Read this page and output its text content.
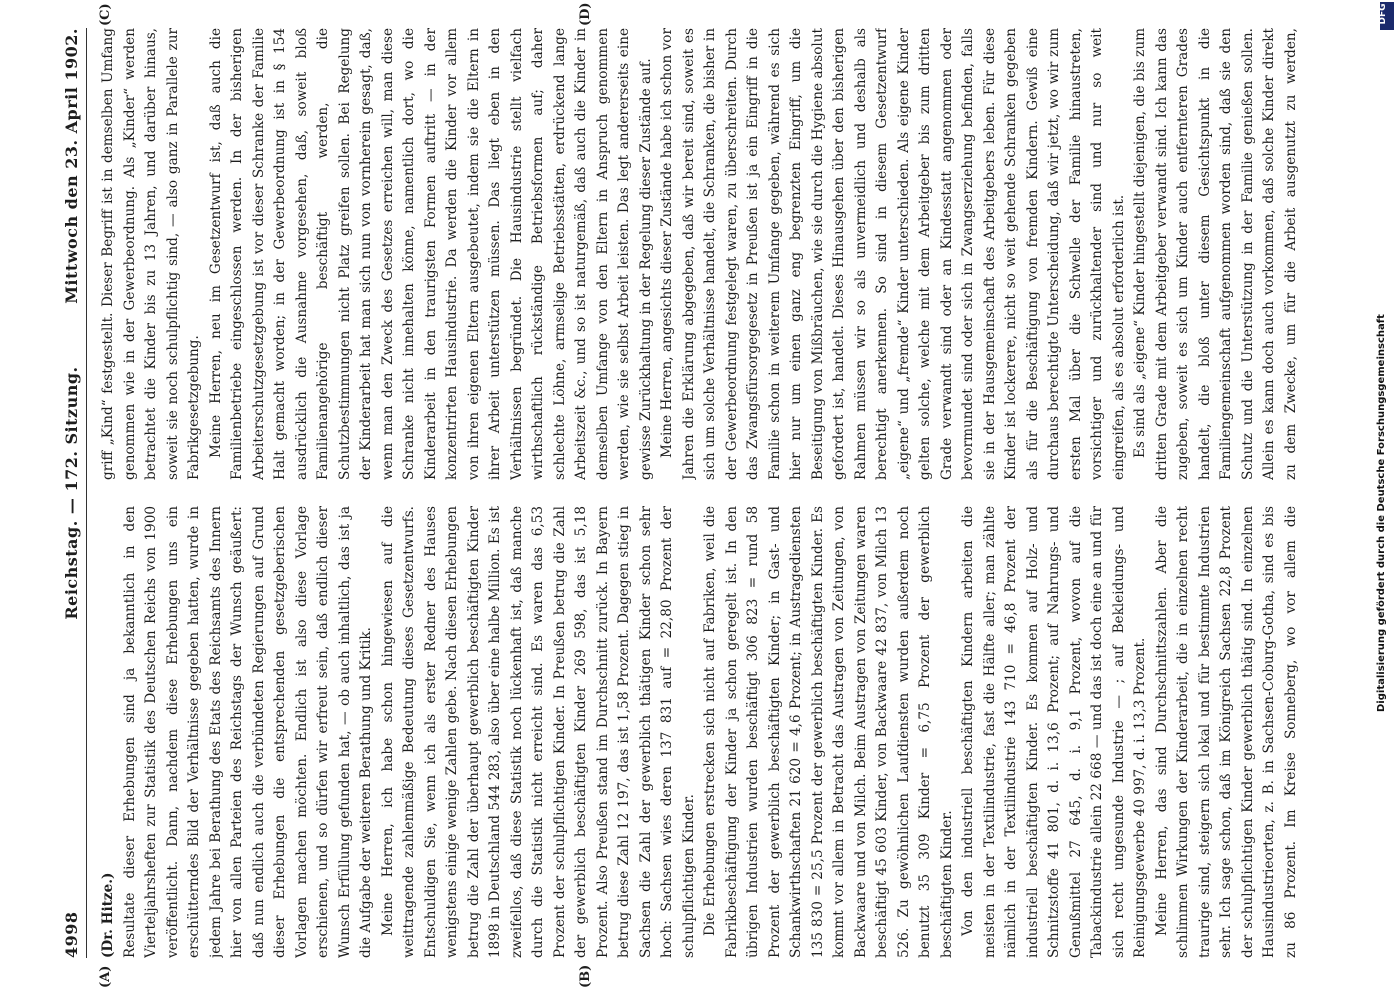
4998
Reichstag. — 172. Sitzung.
Mittwoch den 23. April 1902.
(A)	(B)
(C)	(D)

(Dr. Hitze.) Resultate dieser Erhebungen sind ja bekanntlich in den Vierteljahrsheften zur Statistik des Deutschen Reichs von 1900 veröffentlicht. Dann, nachdem diese Erhebungen uns ein erschütterndes Bild der Verhältnisse gegeben hatten, wurde in jedem Jahre bei Berathung des Etats des Reichsamts des Innern hier von allen Parteien des Reichstags der Wunsch geäußert: daß nun endlich auch die verbündeten Regierungen auf Grund dieser Erhebungen die entsprechenden gesetzgeberischen Vorlagen machen möchten. Endlich ist also diese Vorlage erschienen, und so dürfen wir erfreut sein, daß endlich dieser Wunsch Erfüllung gefunden hat, — ob auch inhaltlich, das ist ja die Aufgabe der weiteren Berathung und Kritik. Meine Herren, ich habe schon hingewiesen auf die weittragende zahlenmäßige Bedeutung dieses Gesetzentwurfs. Entschuldigen Sie, wenn ich als erster Redner des Hauses wenigstens einige wenige Zahlen gebe. Nach diesen Erhebungen betrug die Zahl der überhaupt gewerblich beschäftigten Kinder 1898 in Deutschland 544 283, also über eine halbe Million. Es ist zweifellos, daß diese Statistik noch lückenhaft ist, daß manche durch die Statistik nicht erreicht sind. Es waren das 6,53 Prozent der schulpflichtigen Kinder. In Preußen betrug die Zahl der gewerblich beschäftigten Kinder 269 598, das ist 5,18 Prozent. Also Preußen stand im Durchschnitt zurück. In Bayern betrug diese Zahl 12 197, das ist 1,58 Prozent. Dagegen stieg in Sachsen die Zahl der gewerblich thätigen Kinder schon sehr hoch: Sachsen wies deren 137 831 auf = 22,80 Prozent der schulpflichtigen Kinder. Die Erhebungen erstrecken sich nicht auf Fabriken, weil die Fabrikbeschäftigung der Kinder ja schon geregelt ist. In den übrigen Industrien wurden beschäftigt 306 823 = rund 58 Prozent der gewerblich beschäftigten Kinder; in Gast- und Schankwirthschaften 21 620 = 4,6 Prozent; in Austragediensten 135 830 = 25,5 Prozent der gewerblich beschäftigten Kinder. Es kommt vor allem in Betracht das Austragen von Zeitungen, von Backwaare und von Milch. Beim Austragen von Zeitungen waren beschäftigt 45 603 Kinder, von Backwaare 42 837, von Milch 13 526. Zu gewöhnlichen Laufdiensten wurden außerdem noch benutzt 35 309 Kinder = 6,75 Prozent der gewerblich beschäftigten Kinder. Von den industriell beschäftigten Kindern arbeiten die meisten in der Textilindustrie, fast die Hälfte aller; man zählte nämlich in der Textilindustrie 143 710 = 46,8 Prozent der industriell beschäftigten Kinder. Es kommen auf Holz- und Schnitzstoffe 41 801, d. i. 13,6 Prozent; auf Nahrungs- und Genußmittel 27 645, d. i. 9,1 Prozent, wovon auf die Tabackindustrie allein 22 668 — und das ist doch eine an und für sich recht ungesunde Industrie — ; auf Bekleidungs- und Reinigungsgewerbe 40 997, d. i. 13,3 Prozent. Meine Herren, das sind Durchschnittszahlen. Aber die schlimmen Wirkungen der Kinderarbeit, die in einzelnen recht traurige sind, steigern sich lokal und für bestimmte Industrien sehr. Ich sage schon, daß im Königreich Sachsen 22,8 Prozent der schulpflichtigen Kinder gewerblich thätig sind. In einzelnen Hausindustrieorten, z. B. in Sachsen-Coburg-Gotha, sind es bis zu 86 Prozent. Im Kreise Sonneberg, wo vor allem die

griff „Kind“ festgestellt. Dieser Begriff ist in demselben Umfang genommen wie in der Gewerbeordnung. Als „Kinder“ werden betrachtet die Kinder bis zu 13 Jahren, und darüber hinaus, soweit sie noch schulpflichtig sind, — also ganz in Parallele zur Fabrikgesetzgebung. Meine Herren, neu im Gesetzentwurf ist, daß auch die Familienbetriebe eingeschlossen werden. In der bisherigen Arbeiterschutzgesetzgebung ist vor dieser Schranke der Familie Halt gemacht worden; in der Gewerbeordnung ist in § 154 ausdrücklich die Ausnahme vorgesehen, daß, soweit bloß Familienangehörige beschäftigt werden, die Schutzbestimmungen nicht Platz greifen sollen. Bei Regelung der Kinderarbeit hat man sich nun von vornherein gesagt, daß, wenn man den Zweck des Gesetzes erreichen will, man diese Schranke nicht innehalten könne, namentlich dort, wo die Kinderarbeit in den traurigsten Formen auftritt — in der konzentrirten Hausindustrie. Da werden die Kinder vor allem von ihren eigenen Eltern ausgebeutet, indem sie die Eltern in ihrer Arbeit unterstützen müssen. Das liegt eben in den Verhältnissen begründet. Die Hausindustrie stellt vielfach wirthschaftlich rückständige Betriebsformen auf; daher schlechte Löhne, armselige Betriebsstätten, erdrückend lange Arbeitszeit &c., und so ist naturgemäß, daß auch die Kinder in demselben Umfange von den Eltern in Anspruch genommen werden, wie sie selbst Arbeit leisten. Das legt andererseits eine gewisse Zurückhaltung in der Regelung dieser Zustände auf. Meine Herren, angesichts dieser Zustände habe ich schon vor Jahren die Erklärung abgegeben, daß wir bereit sind, soweit es sich um solche Verhältnisse handelt, die Schranken, die bisher in der Gewerbeordnung festgelegt waren, zu überschreiten. Durch das Zwangsfürsorgegesetz in Preußen ist ja ein Eingriff in die Familie schon in weiterem Umfange gegeben, während es sich hier nur um einen ganz eng begrenzten Eingriff, um die Beseitigung von Mißbräuchen, wie sie durch die Hygiene absolut gefordert ist, handelt. Dieses Hinausgehen über den bisherigen Rahmen müssen wir so als unvermeidlich und deshalb als berechtigt anerkennen. So sind in diesem Gesetzentwurf „eigene“ und „fremde“ Kinder unterschieden. Als eigene Kinder gelten solche, welche mit dem Arbeitgeber bis zum dritten Grade verwandt sind oder an Kindesstatt angenommen oder bevormundet sind oder sich in Zwangserziehung befinden, falls sie in der Hausgemeinschaft des Arbeitgebers leben. Für diese Kinder ist lockerere, nicht so weit gehende Schranken gegeben als für die Beschäftigung von fremden Kindern. Gewiß eine durchaus berechtigte Unterscheidung, daß wir jetzt, wo wir zum ersten Mal über die Schwelle der Familie hinaustreten, vorsichtiger und zurückhaltender sind und nur so weit eingreifen, als es absolut erforderlich ist. Es sind als „eigene“ Kinder hingestellt diejenigen, die bis zum dritten Grade mit dem Arbeitgeber verwandt sind. Ich kann das zugeben, soweit es sich um Kinder auch entfernteren Grades handelt, die bloß unter diesem Gesichtspunkt in die Familiengemeinschaft aufgenommen worden sind, daß sie den Schutz und die Unterstützung in der Familie genießen sollen. Allein es kann doch auch vorkommen, daß solche Kinder direkt zu dem Zwecke, um für die Arbeit ausgenutzt zu werden,

DFG
Digitalisierung gefördert durch die Deutsche Forschungsgemeinschaft
